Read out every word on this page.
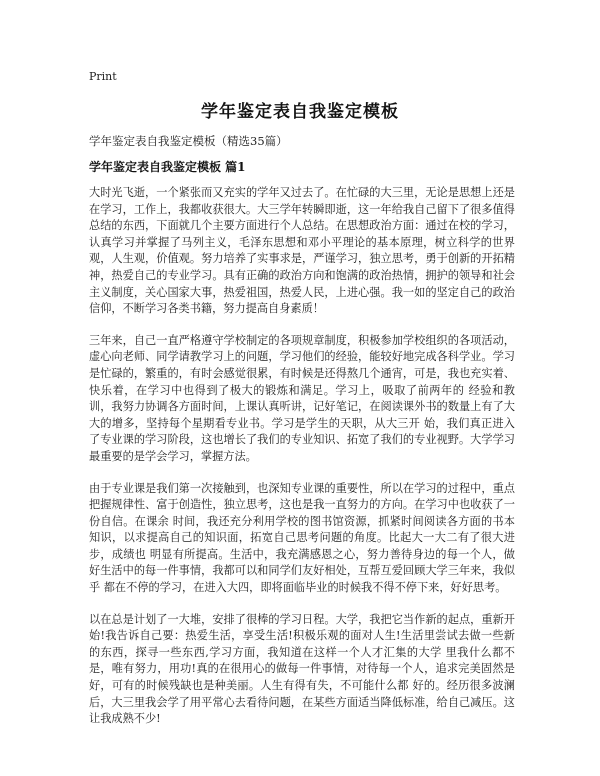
Print
学年鉴定表自我鉴定模板
学年鉴定表自我鉴定模板（精选35篇）
学年鉴定表自我鉴定模板 篇1

大时光飞逝，一个紧张而又充实的学年又过去了。在忙碌的大三里，无论是思想上还是在学习，工作上，我都收获很大。大三学年转瞬即逝，这一年给我自己留下了很多值得总结的东西，下面就几个主要方面进行个人总结。在思想政治方面：通过在校的学习，认真学习并掌握了马列主义，毛泽东思想和邓小平理论的基本原理，树立科学的世界观，人生观，价值观。努力培养了实事求是，严谨学习，独立思考，勇于创新的开拓精神，热爱自己的专业学习。具有正确的政治方向和饱满的政治热情，拥护的领导和社会主义制度，关心国家大事，热爱祖国，热爱人民，上进心强。我一如的坚定自己的政治信仰，不断学习各类书籍，努力提高自身素质！

三年来，自己一直严格遵守学校制定的各项规章制度，积极参加学校组织的各项活动，虚心向老师、同学请教学习上的问题，学习他们的经验，能较好地完成各科学业。学习是忙碌的，繁重的，有时会感觉很累，有时候是还得熬几个通宵，可是，我也充实着、快乐着，在学习中也得到了极大的锻炼和满足。学习上，吸取了前两年的 经验和教训，我努力协调各方面时间，上课认真听讲，记好笔记，在阅读课外书的数量上有了大大的增多，坚持每个星期看专业书。学习是学生的天职，从大三开 始，我们真正进入了专业课的学习阶段，这也增长了我们的专业知识、拓宽了我们的专业视野。大学学习最重要的是学会学习，掌握方法。

由于专业课是我们第一次接触到，也深知专业课的重要性，所以在学习的过程中，重点把握规律性、富于创造性，独立思考，这也是我一直努力的方向。在学习中也收获了一份自信。在课余 时间，我还充分利用学校的图书馆资源，抓紧时间阅读各方面的书本知识，以求提高自己的知识面，拓宽自己思考问题的角度。比起大一大二有了很大进步，成绩也 明显有所提高。生活中，我充满感恩之心，努力善待身边的每一个人，做好生活中的每一件事情，我都可以和同学们友好相处，互帮互爱回顾大学三年来，我似乎 都在不停的学习，在进入大四，即将面临毕业的时候我不得不停下来，好好思考。

以在总是计划了一大堆，安排了很棒的学习日程。大学，我把它当作新的起点，重新开始!我告诉自己要：热爱生活，享受生活!积极乐观的面对人生!生活里尝试去做一些新的东西，探寻一些东西,学习方面，我知道在这样一个人才汇集的大学 里我什么都不是，唯有努力，用功!真的在很用心的做每一件事情，对待每一个人，追求完美固然是好，可有的时候残缺也是种美丽。人生有得有失，不可能什么都 好的。经历很多波澜后，大三里我会学了用平常心去看待问题，在某些方面适当降低标准，给自己减压。这让我成熟不少!
